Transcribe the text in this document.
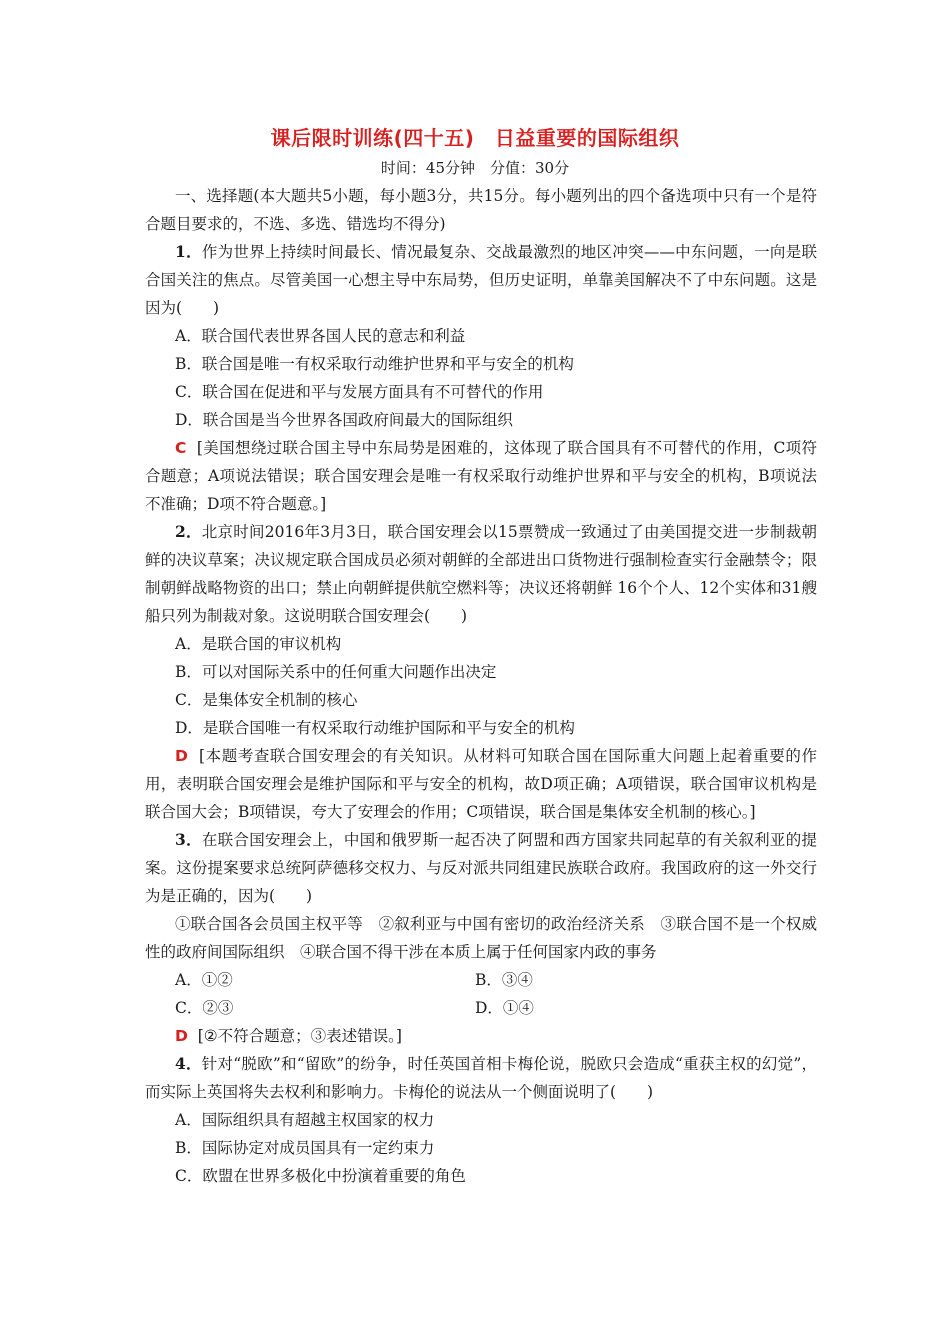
课后限时训练(四十五)　日益重要的国际组织
时间：45分钟　分值：30分

一、选择题(本大题共5小题，每小题3分，共15分。每小题列出的四个备选项中只有一个是符合题目要求的，不选、多选、错选均不得分)

1．作为世界上持续时间最长、情况最复杂、交战最激烈的地区冲突——中东问题，一向是联合国关注的焦点。尽管美国一心想主导中东局势，但历史证明，单靠美国解决不了中东问题。这是因为(　　)

A．联合国代表世界各国人民的意志和利益

B．联合国是唯一有权采取行动维护世界和平与安全的机构

C．联合国在促进和平与发展方面具有不可替代的作用

D．联合国是当今世界各国政府间最大的国际组织

C [美国想绕过联合国主导中东局势是困难的，这体现了联合国具有不可替代的作用，C项符合题意；A项说法错误；联合国安理会是唯一有权采取行动维护世界和平与安全的机构，B项说法不准确；D项不符合题意。]

2．北京时间2016年3月3日，联合国安理会以15票赞成一致通过了由美国提交进一步制裁朝鲜的决议草案；决议规定联合国成员必须对朝鲜的全部进出口货物进行强制检查实行金融禁令；限制朝鲜战略物资的出口；禁止向朝鲜提供航空燃料等；决议还将朝鲜 16个个人、12个实体和31艘船只列为制裁对象。这说明联合国安理会(　　)

A．是联合国的审议机构

B．可以对国际关系中的任何重大问题作出决定

C．是集体安全机制的核心

D．是联合国唯一有权采取行动维护国际和平与安全的机构

D [本题考查联合国安理会的有关知识。从材料可知联合国在国际重大问题上起着重要的作用，表明联合国安理会是维护国际和平与安全的机构，故D项正确；A项错误，联合国审议机构是联合国大会；B项错误，夸大了安理会的作用；C项错误，联合国是集体安全机制的核心。]

3．在联合国安理会上，中国和俄罗斯一起否决了阿盟和西方国家共同起草的有关叙利亚的提案。这份提案要求总统阿萨德移交权力、与反对派共同组建民族联合政府。我国政府的这一外交行为是正确的，因为(　　)

①联合国各会员国主权平等　②叙利亚与中国有密切的政治经济关系　③联合国不是一个权威性的政府间国际组织　④联合国不得干涉在本质上属于任何国家内政的事务

A．①②	B．③④
C．②③	D．①④

D [②不符合题意；③表述错误。]

4．针对“脱欧”和“留欧”的纷争，时任英国首相卡梅伦说，脱欧只会造成“重获主权的幻觉”，而实际上英国将失去权利和影响力。卡梅伦的说法从一个侧面说明了(　　)

A．国际组织具有超越主权国家的权力

B．国际协定对成员国具有一定约束力

C．欧盟在世界多极化中扮演着重要的角色
